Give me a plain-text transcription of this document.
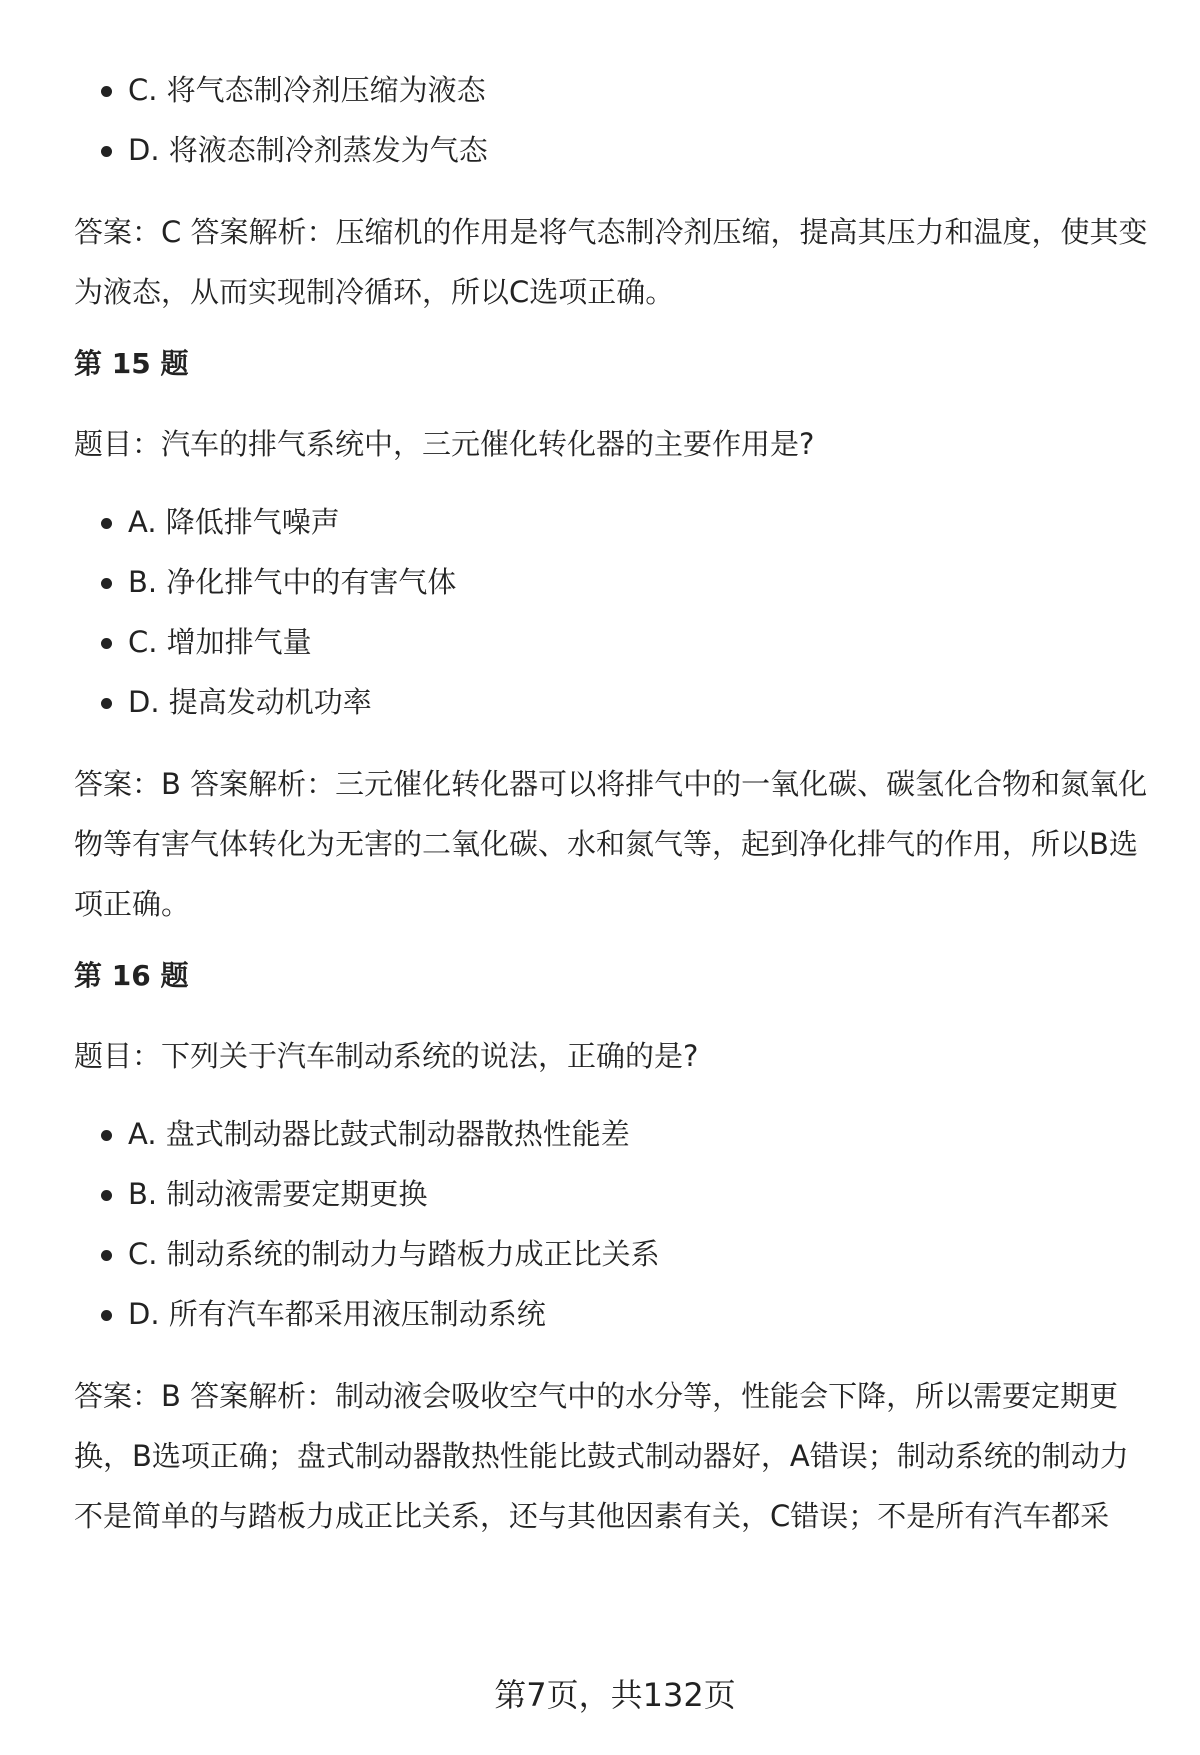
C. 将气态制冷剂压缩为液态
D. 将液态制冷剂蒸发为气态

答案：C 答案解析：压缩机的作用是将气态制冷剂压缩，提高其压力和温度，使其变为液态，从而实现制冷循环，所以C选项正确。

第 15 题

题目：汽车的排气系统中，三元催化转化器的主要作用是?

A. 降低排气噪声
B. 净化排气中的有害气体
C. 增加排气量
D. 提高发动机功率

答案：B 答案解析：三元催化转化器可以将排气中的一氧化碳、碳氢化合物和氮氧化物等有害气体转化为无害的二氧化碳、水和氮气等，起到净化排气的作用，所以B选项正确。

第 16 题

题目：下列关于汽车制动系统的说法，正确的是?

A. 盘式制动器比鼓式制动器散热性能差
B. 制动液需要定期更换
C. 制动系统的制动力与踏板力成正比关系
D. 所有汽车都采用液压制动系统

答案：B 答案解析：制动液会吸收空气中的水分等，性能会下降，所以需要定期更换，B选项正确；盘式制动器散热性能比鼓式制动器好，A错误；制动系统的制动力不是简单的与踏板力成正比关系，还与其他因素有关，C错误；不是所有汽车都采

第7页，共132页
